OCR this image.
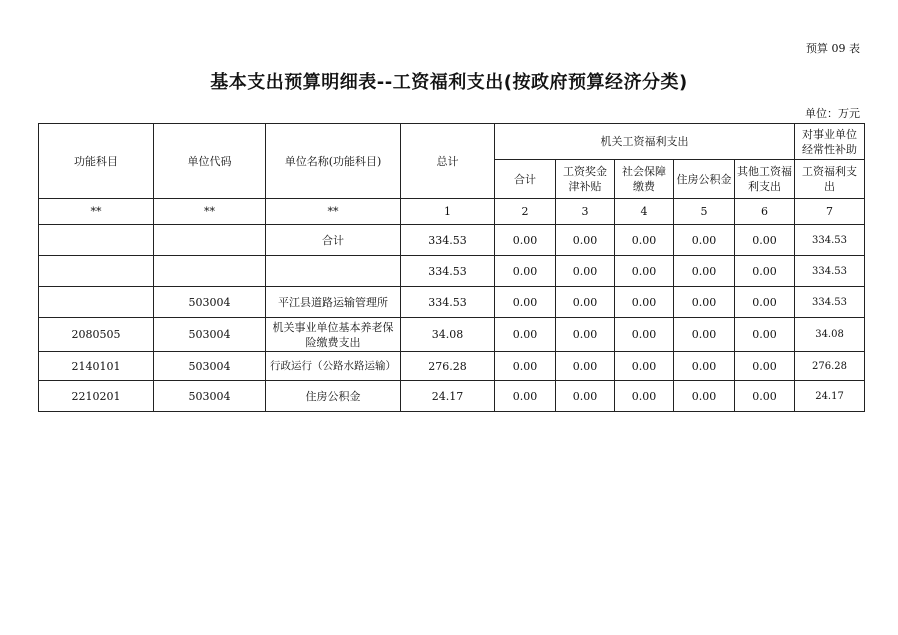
预算 09 表
基本支出预算明细表--工资福利支出(按政府预算经济分类)
单位：万元
功能科目	单位代码	单位名称(功能科目)	总计	机关工资福利支出					对事业单位经常性补助
				合计	工资奖金津补贴	社会保障缴费	住房公积金	其他工资福利支出	工资福利支出
**	**	**	1	2	3	4	5	6	7
		合计	334.53	0.00	0.00	0.00	0.00	0.00	334.53
			334.53	0.00	0.00	0.00	0.00	0.00	334.53
	503004	平江县道路运输管理所	334.53	0.00	0.00	0.00	0.00	0.00	334.53
2080505	503004	机关事业单位基本养老保险缴费支出	34.08	0.00	0.00	0.00	0.00	0.00	34.08
2140101	503004	行政运行（公路水路运输）	276.28	0.00	0.00	0.00	0.00	0.00	276.28
2210201	503004	住房公积金	24.17	0.00	0.00	0.00	0.00	0.00	24.17
